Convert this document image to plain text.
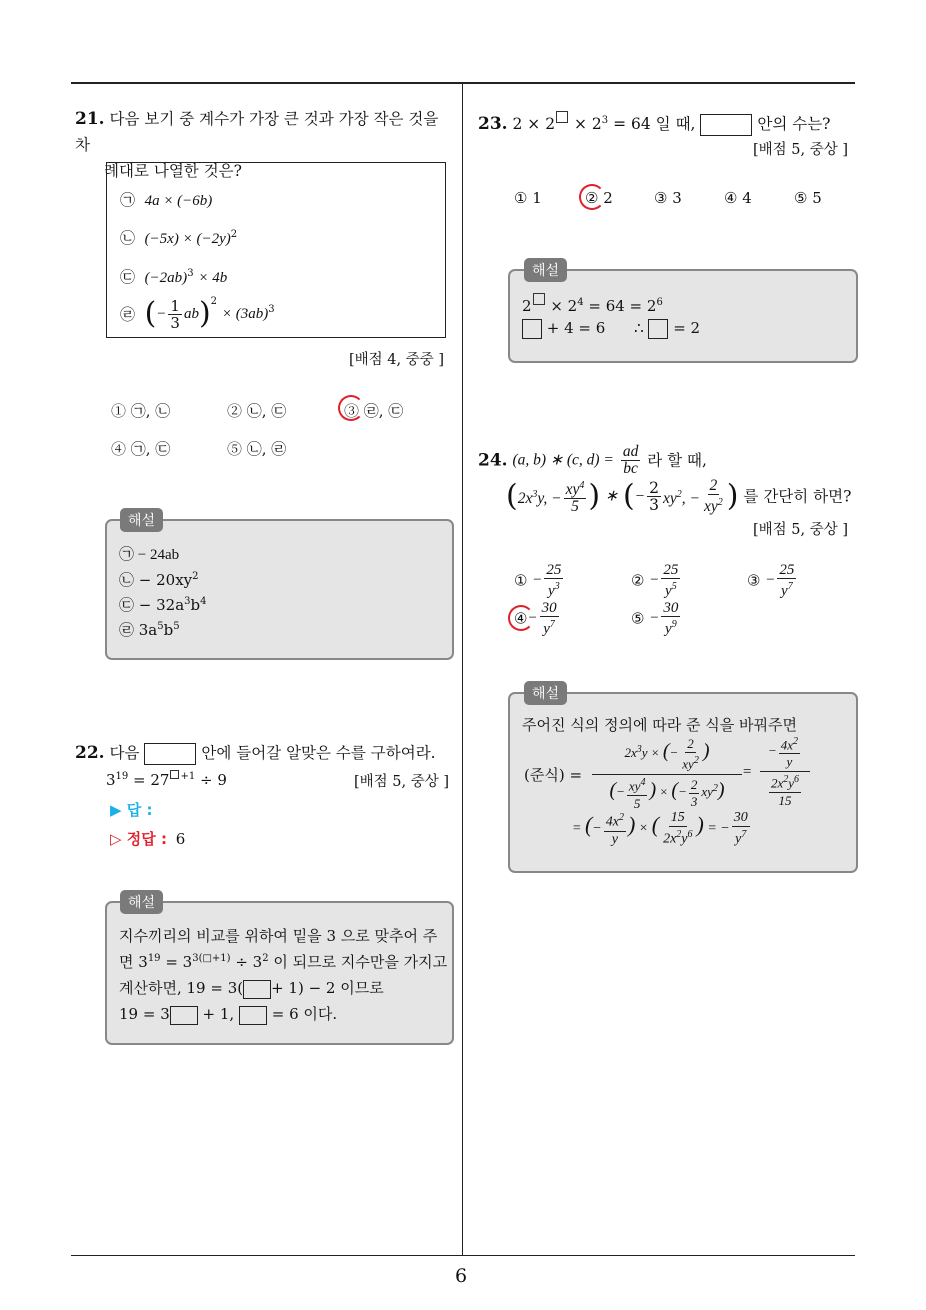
6
21. 다음 보기 중 계수가 가장 큰 것과 가장 작은 것을 차
례대로 나열한 것은?
㉠ 4a × (−6b)
㉡ $(-5x) \times (-2y)^2$
㉢ $(-2ab)^3 \times 4b$
㉣ (− $\frac{1}{3} ab)^2 \times (3ab)^3$
[배점 4, 중중 ]
① ㉠, ㉡	② ㉡, ㉢	③ ㉣, ㉢
④ ㉠, ㉢	⑤ ㉡, ㉣
㉠ − 24ab
㉡ − $20xy^2$
㉢ − $32a^3b^4$
㉣ $3a^5b^5$
해설
22. 다음	안에 들어갈 알맞은 수를 구하여라.
$3^{19} = 27$ $^{+1}$ ÷ 9	[배점 5, 중상 ]
▶ 답 :
▷ 정답 : 6
지수끼리의 비교를 위하여 밑을 3 으로 맞추어 주
면 $3^{19} = 3^{3(□+1)} \div 3^2$ 이 되므로 지수만을 가지고
계산하면, 19 = 3( + 1) − 2 이므로
19 = 3 + 1,	= 6 이다.
해설
23. $2 \times 2 \times 2^3 = 64$ 일 때,	안의 수는?
[배점 5, 중상 ]
① 1	② 2	③ 3	④ 4	⑤ 5
$2 \times 2^4 = 64 = 2^6$
+ 4 = 6 ∴ = 2
해설
24. (a, b) ∗ (c, $d) = \frac{ad}{bc}$ 라 할 때,
($2x^3y$, − $\frac{xy^4}{5}$ ) ∗ (− $\frac{2}{3} xy^2$, − $\frac{2}{xy^2}$ ) 를 간단히 하면?
[배점 5, 중상 ]
① − $\frac{25}{y^3}$	② − $\frac{25}{y^5}$	③ − $\frac{25}{y^7}$
④− $\frac{30}{y^7}$	⑤ − $\frac{30}{y^9}$
주어진 식의 정의에 따라 준 식을 바꿔주면
(준식) =
$2x^3y$ × (− $\frac{2}{xy^2}$ )
(− $\frac{xy^4}{5}$ ) × (− $\frac{2}{3} xy^2$)
=
− $\frac{4x^2}{y}$
$\frac{2x^2y^6}{15}$
= (− $\frac{4x^2}{y}$ ) × ( $\frac{15}{2x^2y^6}$ ) = − $\frac{30}{y^7}$
해설
